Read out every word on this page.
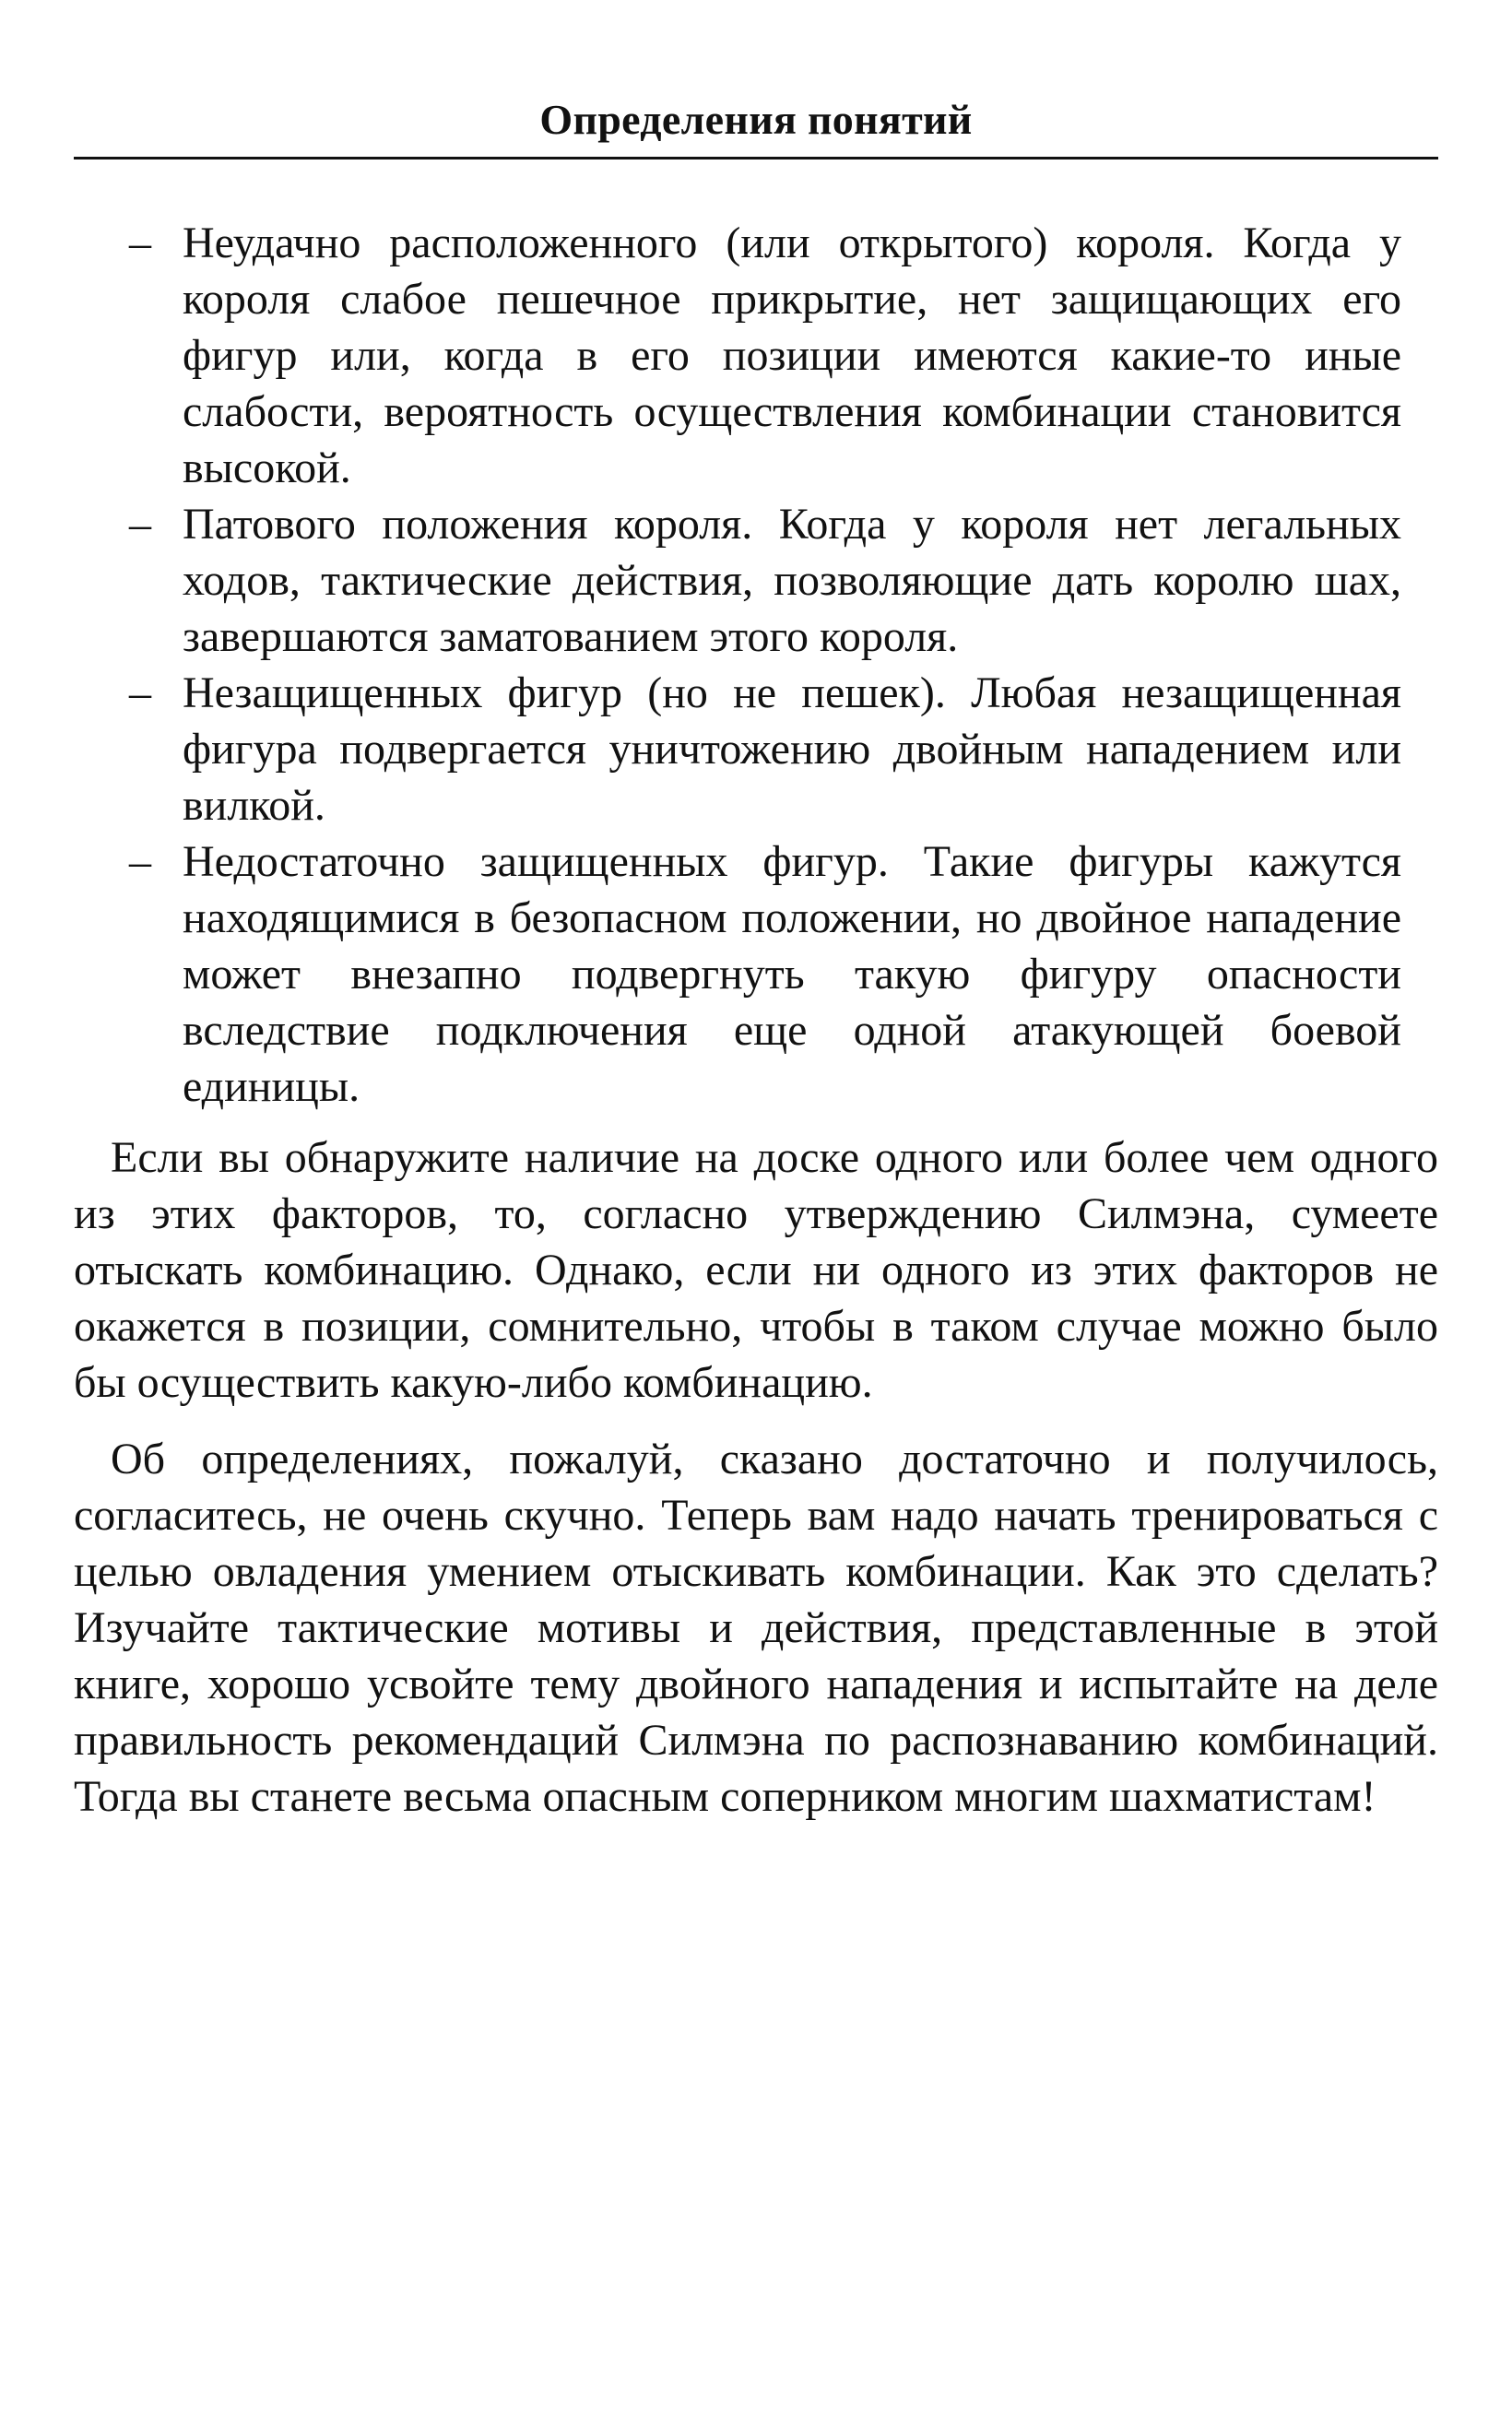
Определения понятий
– Неудачно расположенного (или открытого) короля. Когда у короля слабое пешечное прикрытие, нет защищающих его фигур или, когда в его позиции имеются какие-то иные слабости, вероятность осуществления комбинации становится высокой.
– Патового положения короля. Когда у короля нет легальных ходов, тактические действия, позволяющие дать королю шах, завершаются заматованием этого короля.
– Незащищенных фигур (но не пешек). Любая незащищенная фигура подвергается уничтожению двойным нападением или вилкой.
– Недостаточно защищенных фигур. Такие фигуры кажутся находящимися в безопасном положении, но двойное нападение может внезапно подвергнуть такую фигуру опасности вследствие подключения еще одной атакующей боевой единицы.

Если вы обнаружите наличие на доске одного или более чем одного из этих факторов, то, согласно утверждению Силмэна, сумеете отыскать комбинацию. Однако, если ни одного из этих факторов не окажется в позиции, сомнительно, чтобы в таком случае можно было бы осуществить какую-либо комбинацию.

Об определениях, пожалуй, сказано достаточно и получилось, согласитесь, не очень скучно. Теперь вам надо начать тренироваться с целью овладения умением отыскивать комбинации. Как это сделать? Изучайте тактические мотивы и действия, представленные в этой книге, хорошо усвойте тему двойного нападения и испытайте на деле правильность рекомендаций Силмэна по распознаванию комбинаций. Тогда вы станете весьма опасным соперником многим шахматистам!
